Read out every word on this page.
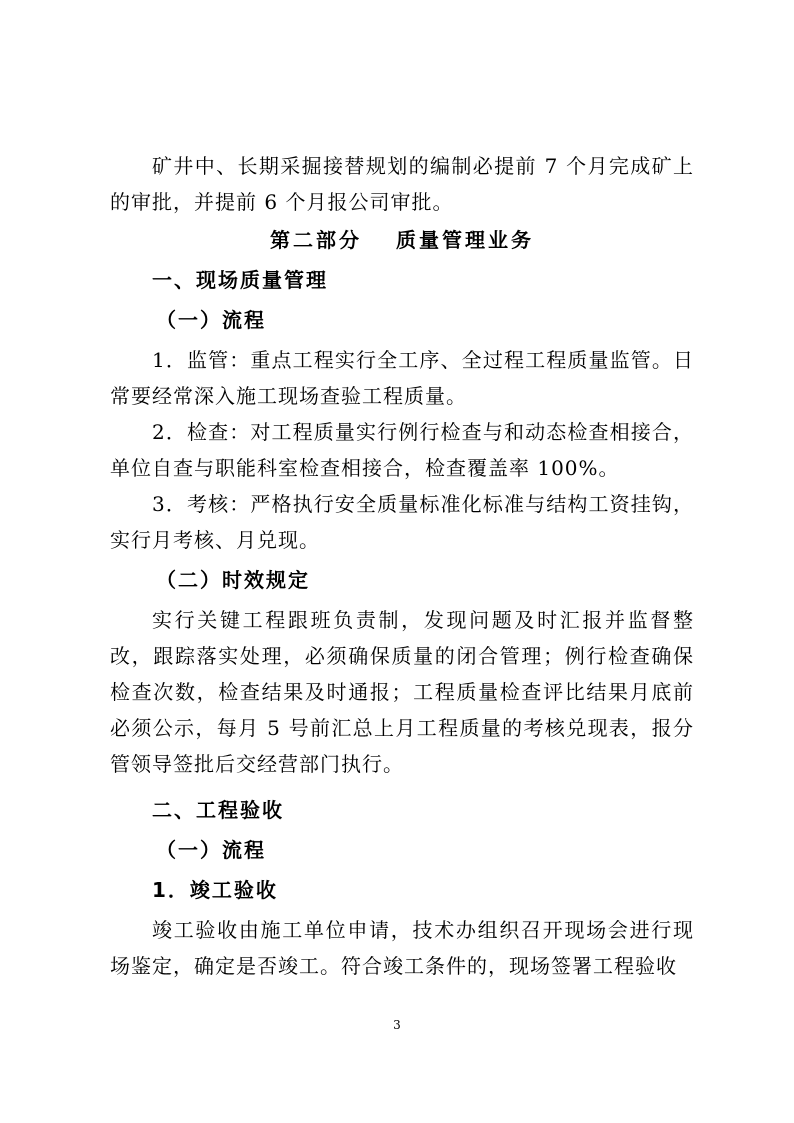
矿井中、长期采掘接替规划的编制必提前 7 个月完成矿上的审批，并提前 6 个月报公司审批。

第二部分 质量管理业务

一、现场质量管理

（一）流程

1．监管：重点工程实行全工序、全过程工程质量监管。日常要经常深入施工现场查验工程质量。

2．检查：对工程质量实行例行检查与和动态检查相接合，单位自查与职能科室检查相接合，检查覆盖率 100%。

3．考核：严格执行安全质量标准化标准与结构工资挂钩，实行月考核、月兑现。

（二）时效规定

实行关键工程跟班负责制，发现问题及时汇报并监督整改，跟踪落实处理，必须确保质量的闭合管理；例行检查确保检查次数，检查结果及时通报；工程质量检查评比结果月底前必须公示，每月 5 号前汇总上月工程质量的考核兑现表，报分管领导签批后交经营部门执行。

二、工程验收

（一）流程

1．竣工验收

竣工验收由施工单位申请，技术办组织召开现场会进行现场鉴定，确定是否竣工。符合竣工条件的，现场签署工程验收

3
